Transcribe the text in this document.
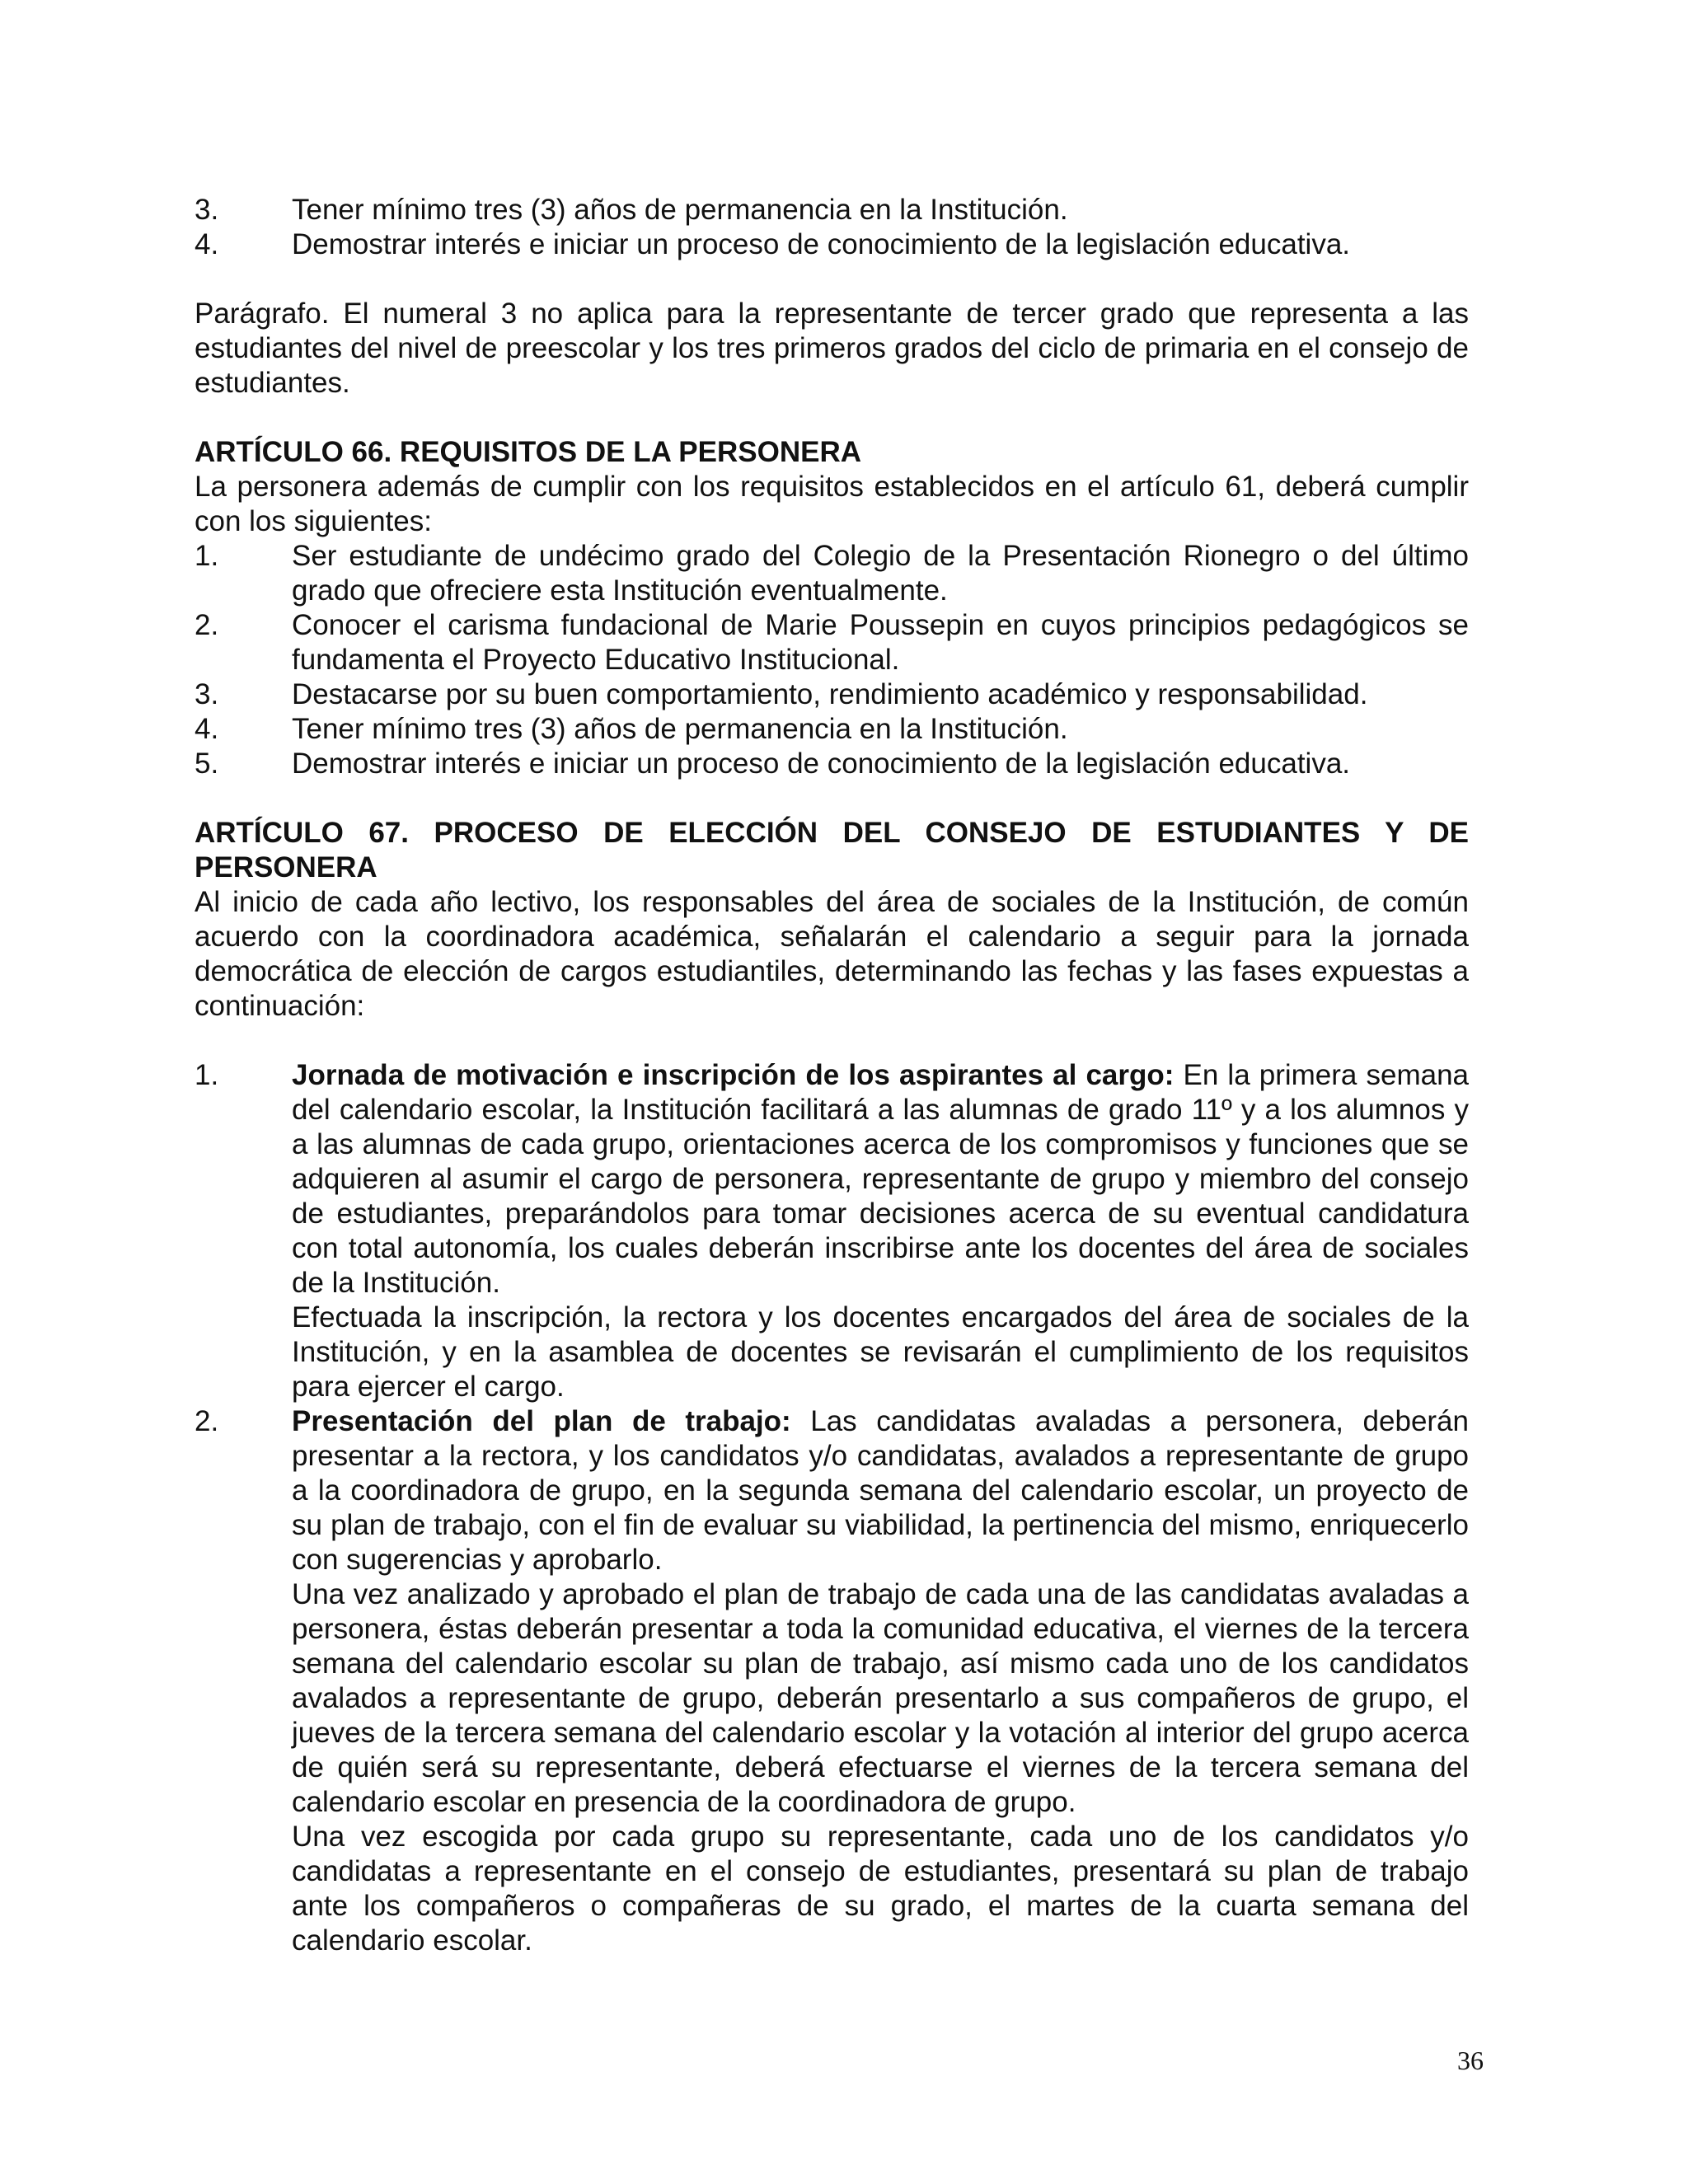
3.	Tener mínimo tres (3) años de permanencia en la Institución.
4.	Demostrar interés e iniciar un proceso de conocimiento de la legislación educativa.
Parágrafo. El numeral 3 no aplica para la representante de tercer grado que representa a las estudiantes del nivel de preescolar y los tres primeros grados del ciclo de primaria en el consejo de estudiantes.
ARTÍCULO 66. REQUISITOS DE LA PERSONERA
La personera además de cumplir con los requisitos establecidos en el artículo 61, deberá cumplir con los siguientes:
1.	Ser estudiante de undécimo grado del Colegio de la Presentación Rionegro o del último grado que ofreciere esta Institución eventualmente.
2.	Conocer el carisma fundacional de Marie Poussepin en cuyos principios pedagógicos se fundamenta el Proyecto Educativo Institucional.
3.	Destacarse por su buen comportamiento, rendimiento académico y responsabilidad.
4.	Tener mínimo tres (3) años de permanencia en la Institución.
5.	Demostrar interés e iniciar un proceso de conocimiento de la legislación educativa.
ARTÍCULO 67. PROCESO DE ELECCIÓN DEL CONSEJO DE ESTUDIANTES Y DE PERSONERA
Al inicio de cada año lectivo, los responsables del área de sociales de la Institución, de común acuerdo con la coordinadora académica, señalarán el calendario a seguir para la jornada democrática de elección de cargos estudiantiles, determinando las fechas y las fases expuestas a continuación:
1.	Jornada de motivación e inscripción de los aspirantes al cargo: En la primera semana del calendario escolar, la Institución facilitará a las alumnas de grado 11º y a los alumnos y a las alumnas de cada grupo, orientaciones acerca de los compromisos y funciones que se adquieren al asumir el cargo de personera, representante de grupo y miembro del consejo de estudiantes, preparándolos para tomar decisiones acerca de su eventual candidatura con total autonomía, los cuales deberán inscribirse ante los docentes del área de sociales de la Institución.
Efectuada la inscripción, la rectora y los docentes encargados del área de sociales de la Institución, y en la asamblea de docentes se revisarán el cumplimiento de los requisitos para ejercer el cargo.
2.	Presentación del plan de trabajo: Las candidatas avaladas a personera, deberán presentar a la rectora, y los candidatos y/o candidatas, avalados a representante de grupo a la coordinadora de grupo, en la segunda semana del calendario escolar, un proyecto de su plan de trabajo, con el fin de evaluar su viabilidad, la pertinencia del mismo, enriquecerlo con sugerencias y aprobarlo.
Una vez analizado y aprobado el plan de trabajo de cada una de las candidatas avaladas a personera, éstas deberán presentar a toda la comunidad educativa, el viernes de la tercera semana del calendario escolar su plan de trabajo, así mismo cada uno de los candidatos avalados a representante de grupo, deberán presentarlo a sus compañeros de grupo, el jueves de la tercera semana del calendario escolar y la votación al interior del grupo acerca de quién será su representante, deberá efectuarse el viernes de la tercera semana del calendario escolar en presencia de la coordinadora de grupo.
Una vez escogida por cada grupo su representante, cada uno de los candidatos y/o candidatas a representante en el consejo de estudiantes, presentará su plan de trabajo ante los compañeros o compañeras de su grado, el martes de la cuarta semana del calendario escolar.
36
